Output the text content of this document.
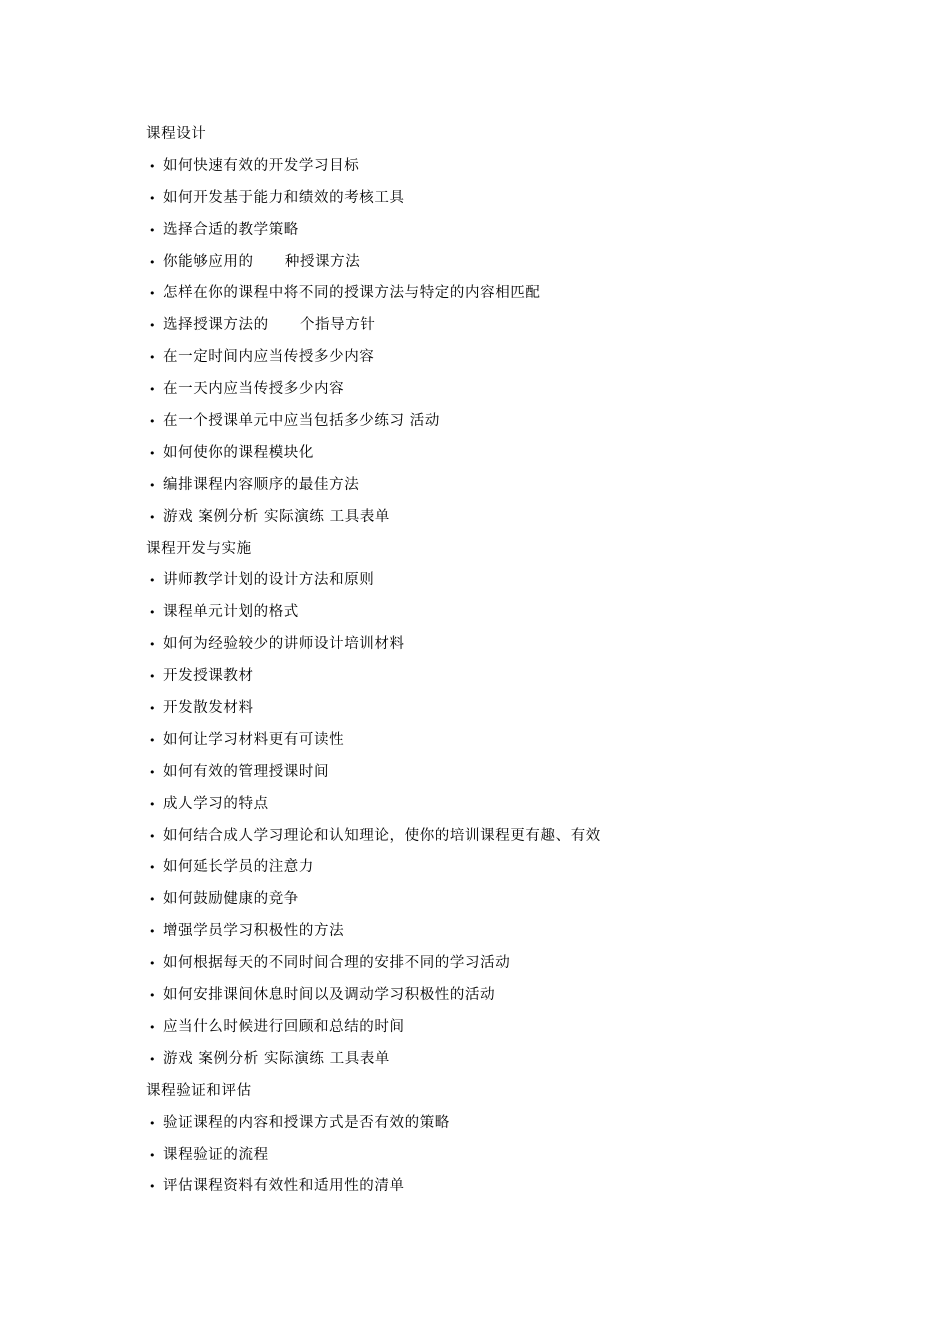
课程设计
• 如何快速有效的开发学习目标
• 如何开发基于能力和绩效的考核工具
• 选择合适的教学策略
• 你能够应用的      种授课方法
• 怎样在你的课程中将不同的授课方法与特定的内容相匹配
• 选择授课方法的      个指导方针
• 在一定时间内应当传授多少内容
• 在一天内应当传授多少内容
• 在一个授课单元中应当包括多少练习 活动
• 如何使你的课程模块化
• 编排课程内容顺序的最佳方法
• 游戏 案例分析 实际演练 工具表单
课程开发与实施
• 讲师教学计划的设计方法和原则
• 课程单元计划的格式
• 如何为经验较少的讲师设计培训材料
• 开发授课教材
• 开发散发材料
• 如何让学习材料更有可读性
• 如何有效的管理授课时间
• 成人学习的特点
• 如何结合成人学习理论和认知理论，使你的培训课程更有趣、有效
• 如何延长学员的注意力
• 如何鼓励健康的竞争
• 增强学员学习积极性的方法
• 如何根据每天的不同时间合理的安排不同的学习活动
• 如何安排课间休息时间以及调动学习积极性的活动
• 应当什么时候进行回顾和总结的时间
• 游戏 案例分析 实际演练 工具表单
课程验证和评估
• 验证课程的内容和授课方式是否有效的策略
• 课程验证的流程
• 评估课程资料有效性和适用性的清单
